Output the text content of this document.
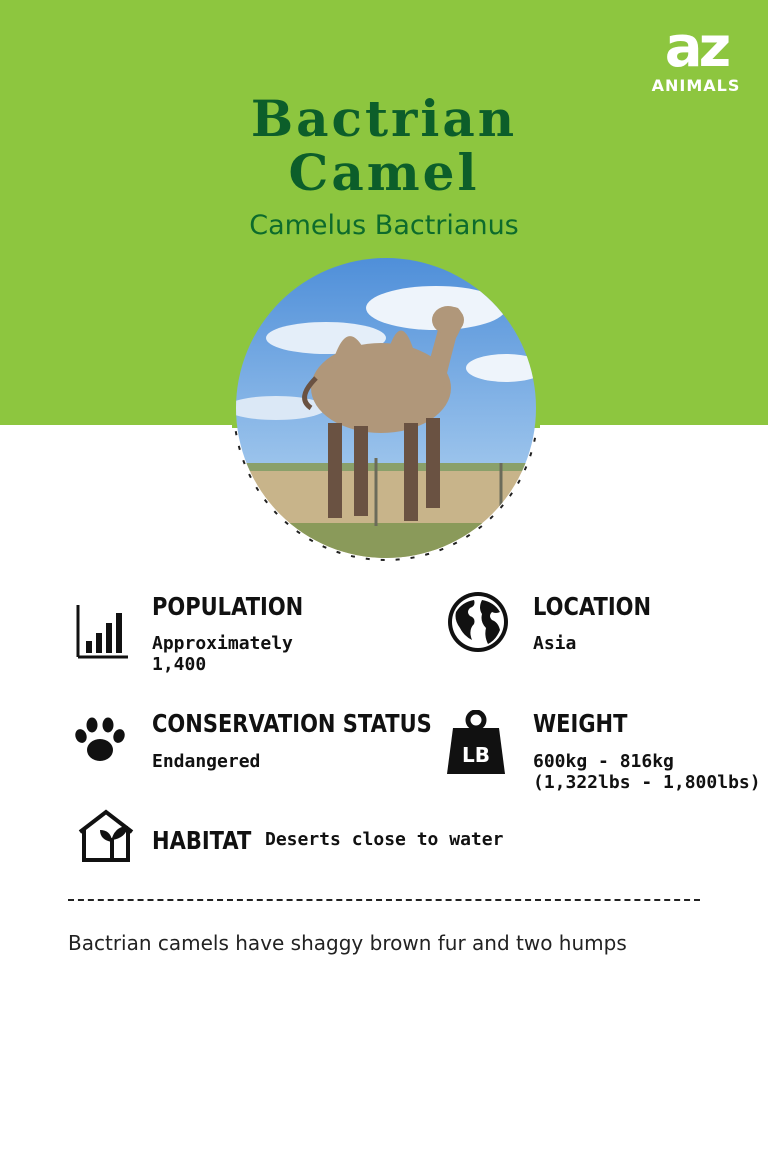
az
ANIMALS
Bactrian
Camel
Camelus Bactrianus
POPULATION
Approximately
1,400
LOCATION
Asia
CONSERVATION STATUS
Endangered	LB
WEIGHT
600kg - 816kg
(1,322lbs - 1,800lbs)
HABITAT Deserts close to water
Bactrian camels have shaggy brown fur and two humps
